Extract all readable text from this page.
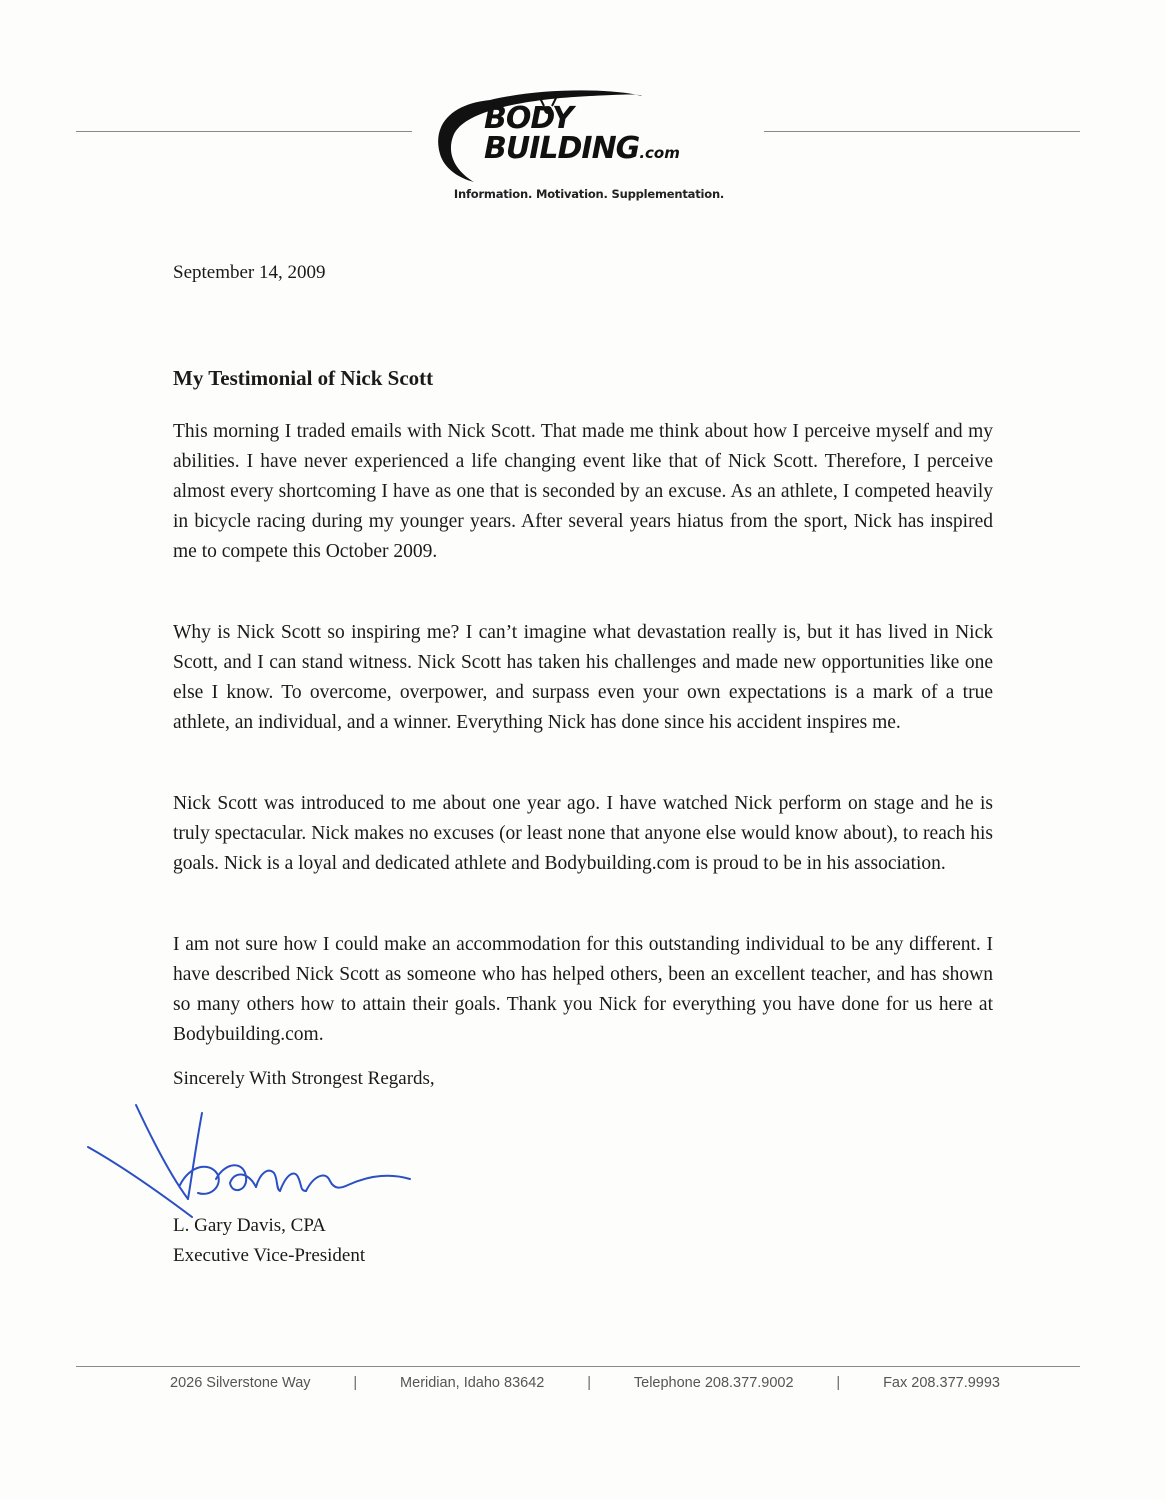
BODY
BUILDING.com
Information. Motivation. Supplementation.
September 14, 2009
My Testimonial of Nick Scott

This morning I traded emails with Nick Scott. That made me think about how I perceive myself and my abilities. I have never experienced a life changing event like that of Nick Scott. Therefore, I perceive almost every shortcoming I have as one that is seconded by an excuse. As an athlete, I competed heavily in bicycle racing during my younger years. After several years hiatus from the sport, Nick has inspired me to compete this October 2009.

Why is Nick Scott so inspiring me? I can’t imagine what devastation really is, but it has lived in Nick Scott, and I can stand witness. Nick Scott has taken his challenges and made new opportunities like one else I know. To overcome, overpower, and surpass even your own expectations is a mark of a true athlete, an individual, and a winner. Everything Nick has done since his accident inspires me.

Nick Scott was introduced to me about one year ago. I have watched Nick perform on stage and he is truly spectacular. Nick makes no excuses (or least none that anyone else would know about), to reach his goals. Nick is a loyal and dedicated athlete and Bodybuilding.com is proud to be in his association.

I am not sure how I could make an accommodation for this outstanding individual to be any different. I have described Nick Scott as someone who has helped others, been an excellent teacher, and has shown so many others how to attain their goals. Thank you Nick for everything you have done for us here at Bodybuilding.com.

Sincerely With Strongest Regards,
L. Gary Davis, CPA
Executive Vice-President
2026 Silverstone Way	|	Meridian, Idaho 83642	|	Telephone 208.377.9002	|	Fax 208.377.9993
